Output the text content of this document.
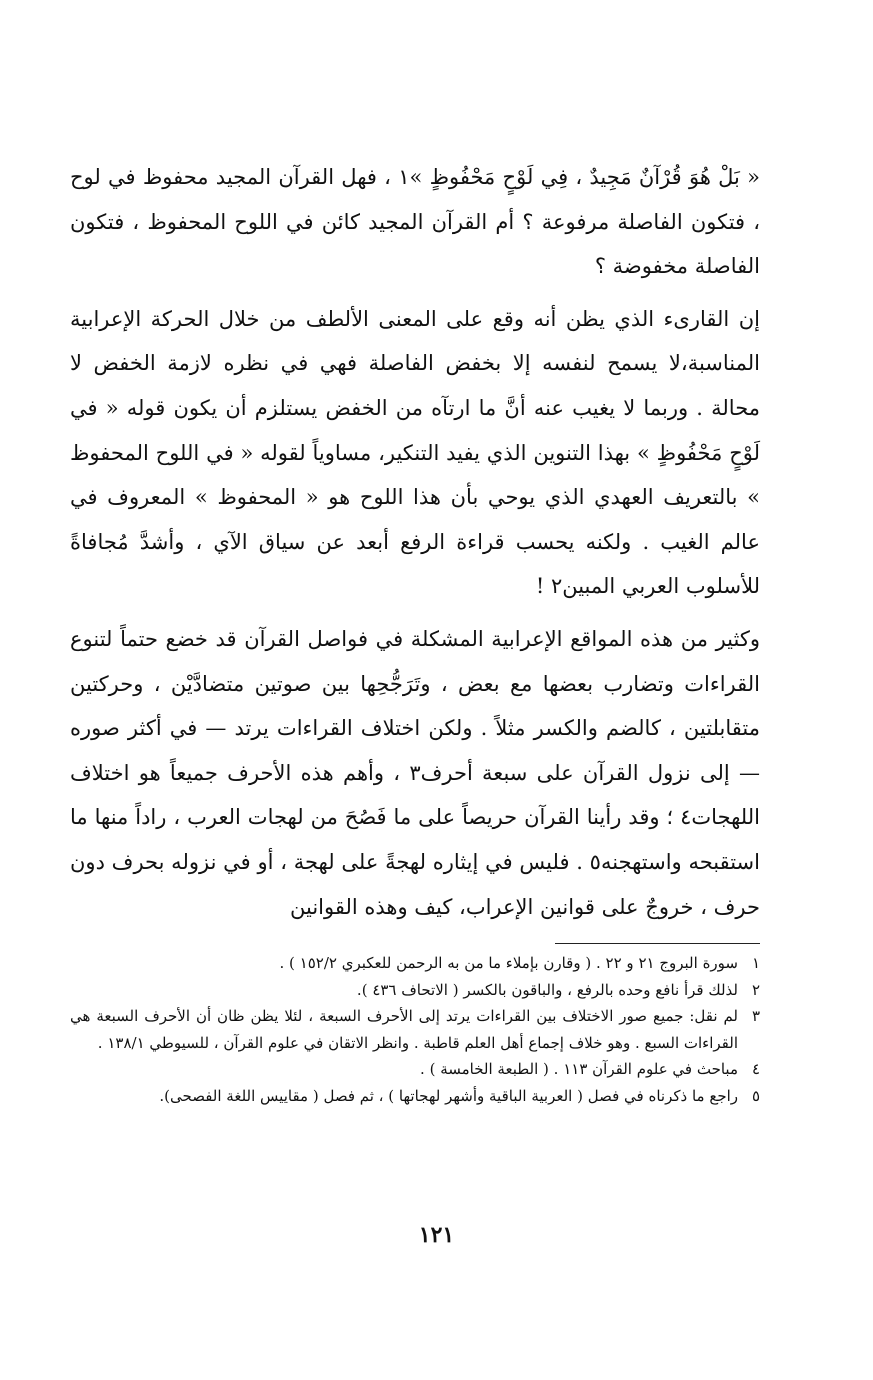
« بَلْ هُوَ قُرْآنٌ مَجِيدٌ ، فِي لَوْحٍ مَحْفُوظٍ »١ ، فهل القرآن المجيد محفوظ في لوح ، فتكون الفاصلة مرفوعة ؟ أم القرآن المجيد كائن في اللوح المحفوظ ، فتكون الفاصلة مخفوضة ؟

إن القارىء الذي يظن أنه وقع على المعنى الألطف من خلال الحركة الإعرابية المناسبة،لا يسمح لنفسه إلا بخفض الفاصلة فهي في نظره لازمة الخفض لا محالة . وربما لا يغيب عنه أنَّ ما ارتآه من الخفض يستلزم أن يكون قوله « في لَوْحٍ مَحْفُوظٍ » بهذا التنوين الذي يفيد التنكير، مساوياً لقوله « في اللوح المحفوظ » بالتعريف العهدي الذي يوحي بأن هذا اللوح هو « المحفوظ » المعروف في عالم الغيب . ولكنه يحسب قراءة الرفع أبعد عن سياق الآي ، وأشدَّ مُجافاةً للأسلوب العربي المبين٢ !

وكثير من هذه المواقع الإعرابية المشكلة في فواصل القرآن قد خضع حتماً لتنوع القراءات وتضارب بعضها مع بعض ، وتَرَجُّحِها بين صوتين متضادَّيْن ، وحركتين متقابلتين ، كالضم والكسر مثلاً . ولكن اختلاف القراءات يرتد — في أكثر صوره — إلى نزول القرآن على سبعة أحرف٣ ، وأهم هذه الأحرف جميعاً هو اختلاف اللهجات٤ ؛ وقد رأينا القرآن حريصاً على ما فَصُحَ من لهجات العرب ، راداً منها ما استقبحه واستهجنه٥ . فليس في إيثاره لهجةً على لهجة ، أو في نزوله بحرف دون حرف ، خروجٌ على قوانين الإعراب، كيف وهذه القوانين

١
سورة البروج ٢١ و ٢٢ . ( وقارن بإملاء ما من به الرحمن للعكبري ١٥٢/٢ ) .
٢
لذلك قرأ نافع وحده بالرفع ، والباقون بالكسر ( الاتحاف ٤٣٦ ).
٣
لم نقل: جميع صور الاختلاف بين القراءات يرتد إلى الأحرف السبعة ، لئلا يظن ظان أن الأحرف السبعة هي القراءات السبع . وهو خلاف إجماع أهل العلم قاطبة . وانظر الاتقان في علوم القرآن ، للسيوطي ١٣٨/١ .
٤
مباحث في علوم القرآن ١١٣ . ( الطبعة الخامسة ) .
٥
راجع ما ذكرناه في فصل ( العربية الباقية وأشهر لهجاتها ) ، ثم فصل ( مقاييس اللغة الفصحى).
١٢١
